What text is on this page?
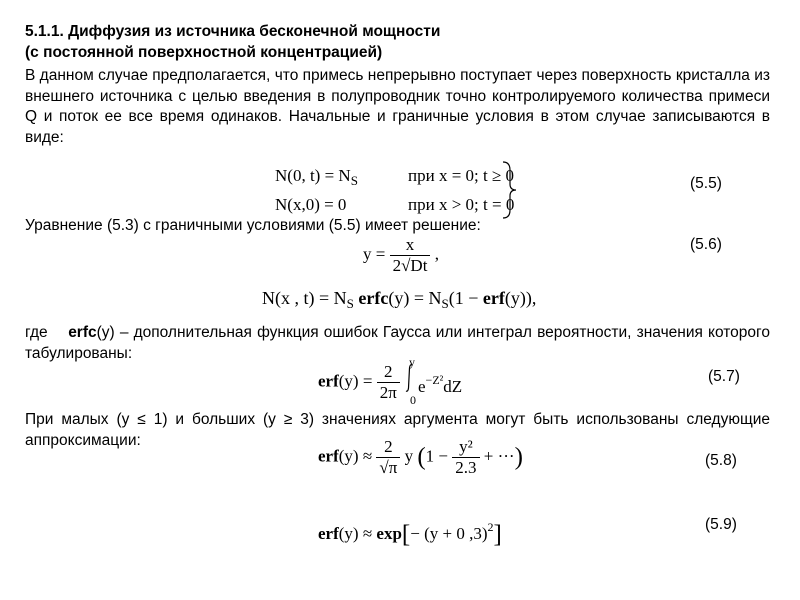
5.1.1. Диффузия из источника бесконечной мощности
(с постоянной поверхностной концентрацией)
В данном случае предполагается, что примесь непрерывно поступает через поверхность кристалла из внешнего источника с целью введения в полупроводник точно контролируемого количества примеси Q и поток ее все время одинаков. Начальные и граничные условия в этом случае записываются в виде:
N(0, $t) = N_S$	при x = 0; t ≥ 0
N(x,0) = 0	при x > 0; t = 0
(5.5)
Уравнение (5.3) с граничными условиями (5.5) имеет решение:
$y = \frac{x}{2√Dt}$ ,	(5.6)
N(x , $t) = N_S$ erfc(y) = $N_S(1 - erf(y))$,
где erfc(y) – дополнительная функция ошибок Гаусса или интеграл вероятности, значения которого табулированы:
$erf(y) = \frac{2}{2\pi}$ y
0
$e^{-Z^2}dZ$
(5.7)
При малых (y ≤ 1) и больших (y ≥ 3) значениях аргумента могут быть использованы следующие аппроксимации:
$erf(y) \approx \frac{2}{√\pi}$ y ($1 - \frac{\text{y²}}{2.3}$ + ···)	(5.8)
erf(y) ≈ exp[− (y + 0 ,3)$^2$]	(5.9)
